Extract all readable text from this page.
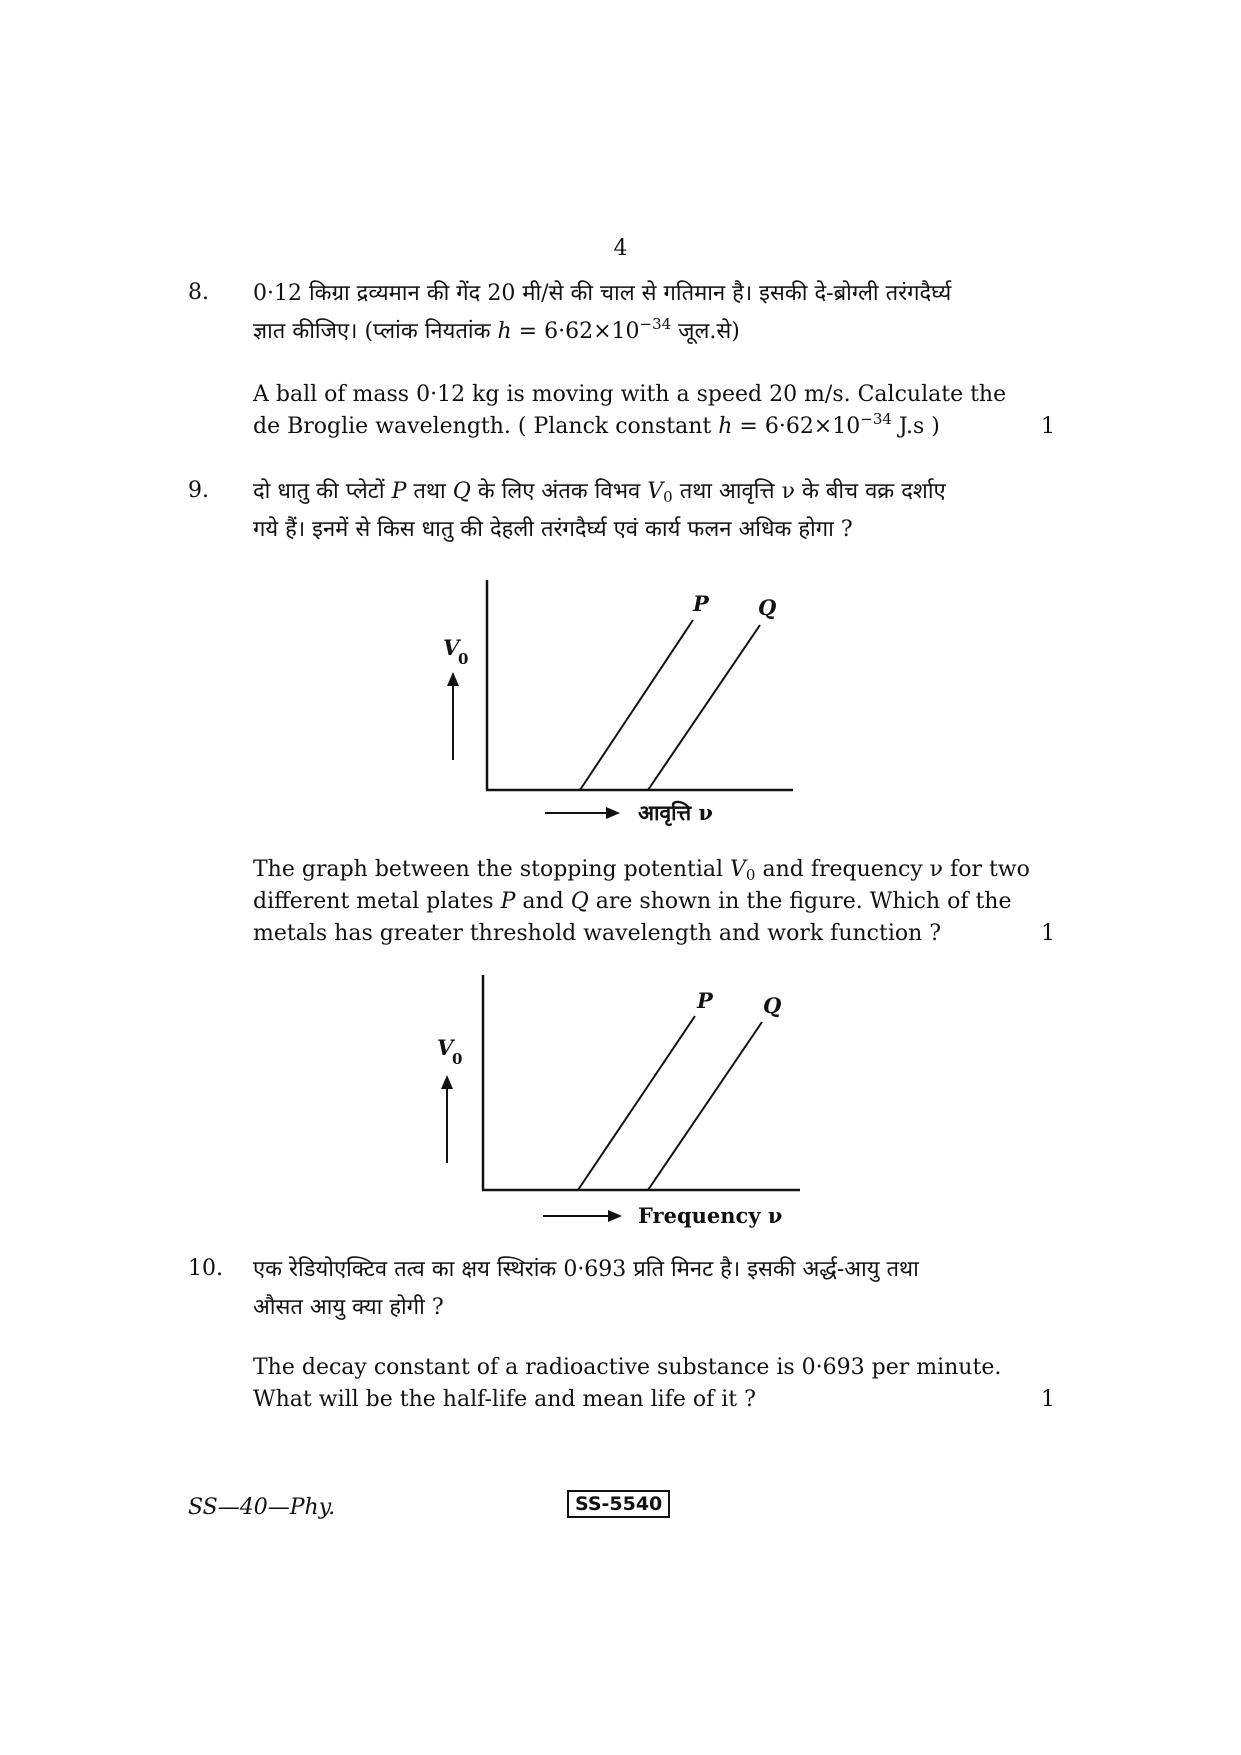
4
8. 0·12 किग्रा द्रव्यमान की गेंद 20 मी/से की चाल से गतिमान है। इसकी दे-ब्रोग्ली तरंगदैर्घ्य
ज्ञात कीजिए। (प्लांक नियतांक $h = 6\cdot 62\times 10^{-34}$ जूल.से)
A ball of mass 0·12 kg is moving with a speed 20 m/s. Calculate the
de Broglie wavelength. ( Planck constant $h = 6\cdot 62\times 10^{-34}$ J.s )	1
9. दो धातु की प्लेटों P तथा Q के लिए अंतक विभव $V_0$ तथा आवृत्ति ν के बीच वक्र दर्शाए
गये हैं। इनमें से किस धातु की देहली तरंगदैर्घ्य एवं कार्य फलन अधिक होगा ?
P Q
V
0
आवृत्ति ν
The graph between the stopping potential $V_0$ and frequency ν for two
different metal plates P and Q are shown in the figure. Which of the
metals has greater threshold wavelength and work function ?	1
P Q
V
0
Frequency ν
10. एक रेडियोएक्टिव तत्व का क्षय स्थिरांक 0·693 प्रति मिनट है। इसकी अर्द्ध-आयु तथा
औसत आयु क्या होगी ?
The decay constant of a radioactive substance is 0·693 per minute.
What will be the half-life and mean life of it ?	1
SS—40—Phy.	SS-5540
